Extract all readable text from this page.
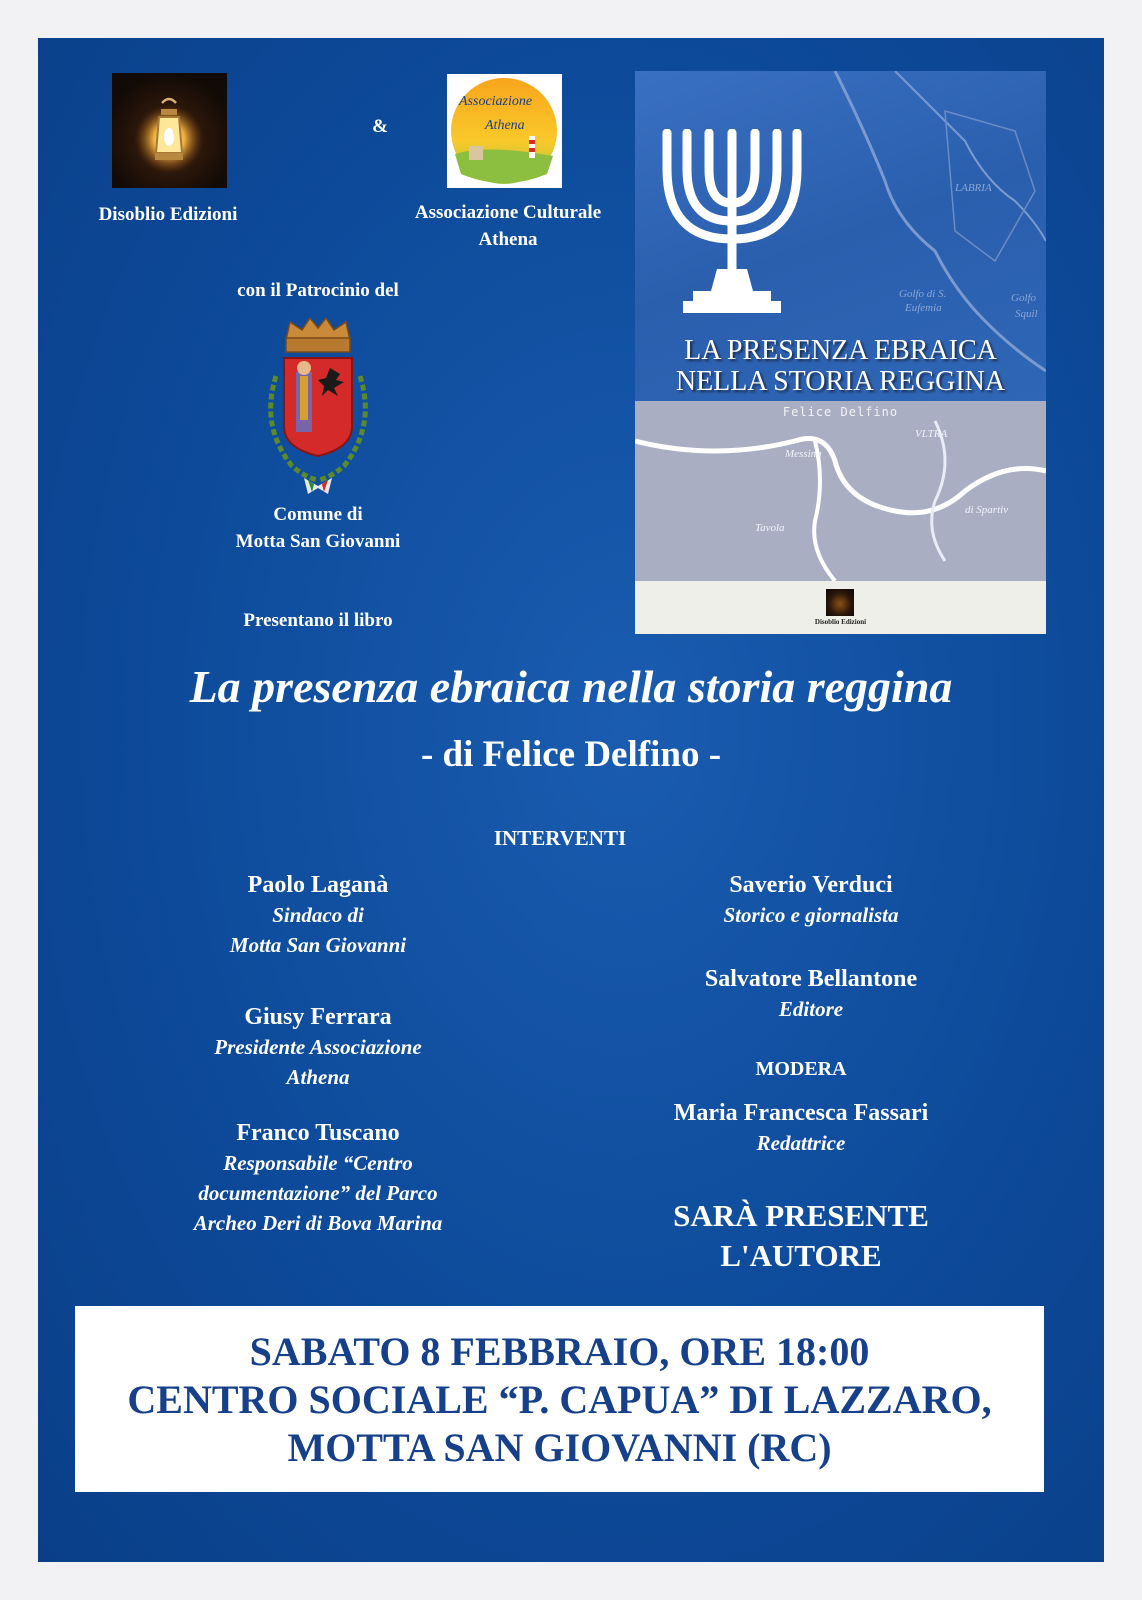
&
Associazione
Athena
Disoblio Edizioni	Associazione Culturale
Athena
con il Patrocinio del
Comune di
Motta San Giovanni
Presentano il libro
LABRIA
Golfo di S.
Eufemia
Golfo
Squil
Messina
VLTRA
di Spartiv
Tavola
Disoblio Edizioni
LA PRESENZA EBRAICA
NELLA STORIA REGGINA
Felice Delfino
La presenza ebraica nella storia reggina
- di Felice Delfino -
INTERVENTI
Paolo Laganà
Sindaco di
Motta San Giovanni
Giusy Ferrara
Presidente Associazione
Athena
Franco Tuscano
Responsabile “Centro
documentazione” del Parco
Archeo Deri di Bova Marina
Saverio Verduci
Storico e giornalista
Salvatore Bellantone
Editore
MODERA
Maria Francesca Fassari
Redattrice
SARÀ PRESENTE
L'AUTORE
SABATO 8 FEBBRAIO, ORE 18:00
CENTRO SOCIALE “P. CAPUA” DI LAZZARO,
MOTTA SAN GIOVANNI (RC)
